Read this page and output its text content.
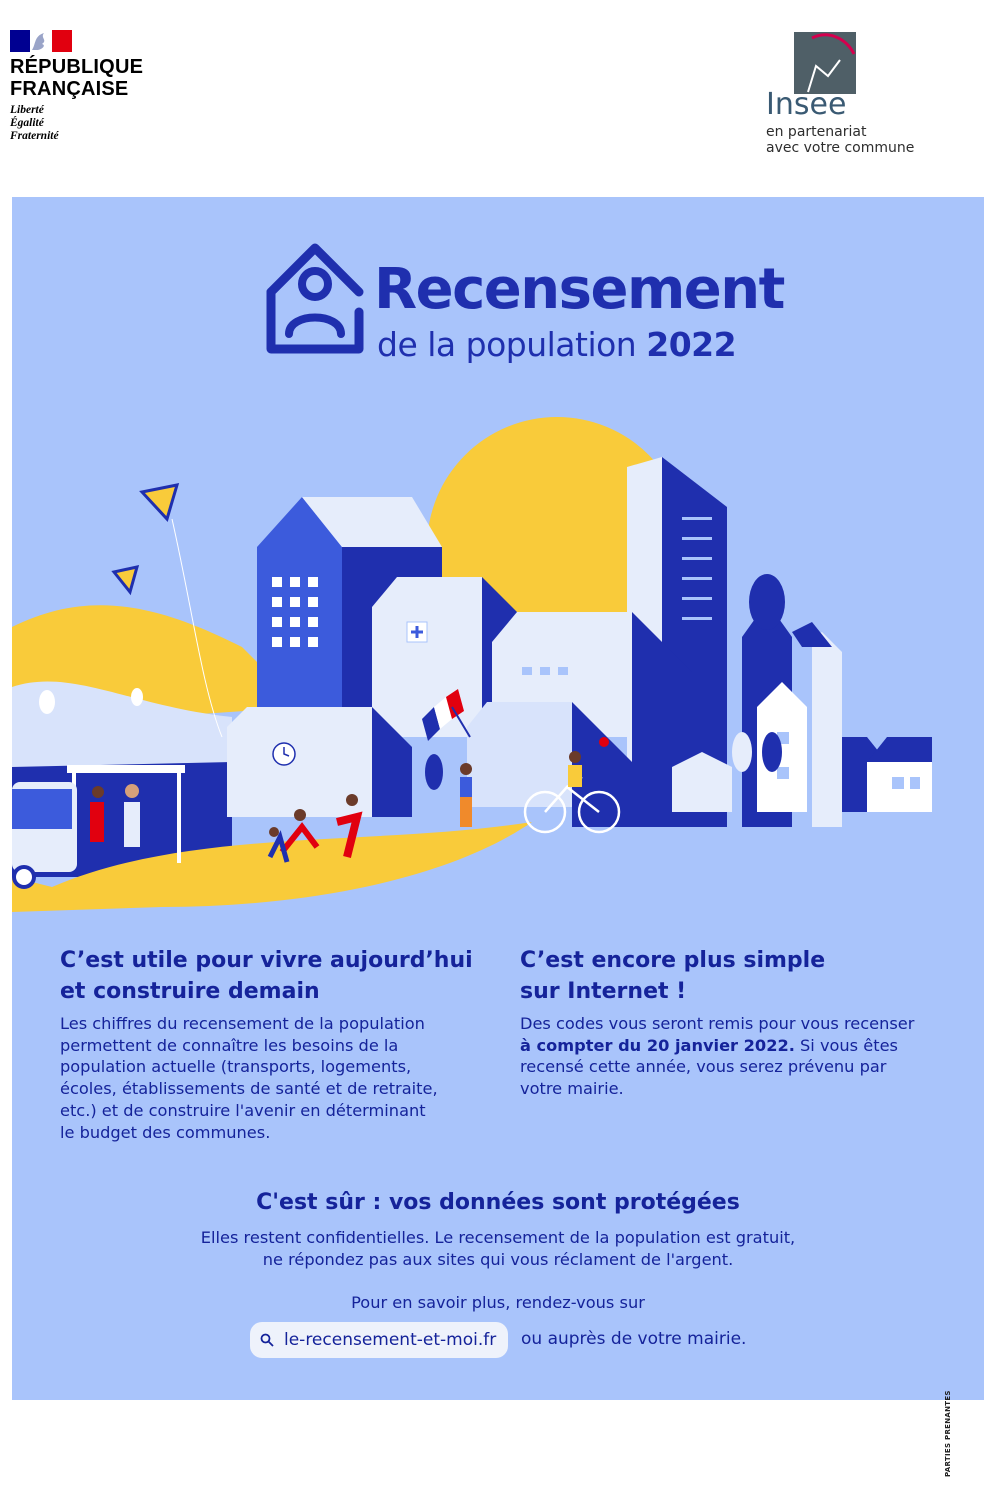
RÉPUBLIQUE
FRANÇAISE
Liberté
Égalité
Fraternité
Insee
en partenariat
avec votre commune
Recensement
de la population 2022
C’est utile pour vivre aujourd’hui
et construire demain
Les chiffres du recensement de la population
permettent de connaître les besoins de la
population actuelle (transports, logements,
écoles, établissements de santé et de retraite,
etc.) et de construire l'avenir en déterminant
le budget des communes.
C’est encore plus simple
sur Internet !
Des codes vous seront remis pour vous recenser
à compter du 20 janvier 2022. Si vous êtes
recensé cette année, vous serez prévenu par
votre mairie.
C'est sûr : vos données sont protégées
Elles restent confidentielles. Le recensement de la population est gratuit,
ne répondez pas aux sites qui vous réclament de l'argent.
Pour en savoir plus, rendez-vous sur
le-recensement-et-moi.fr ou auprès de votre mairie.
PARTIES PRENANTES
